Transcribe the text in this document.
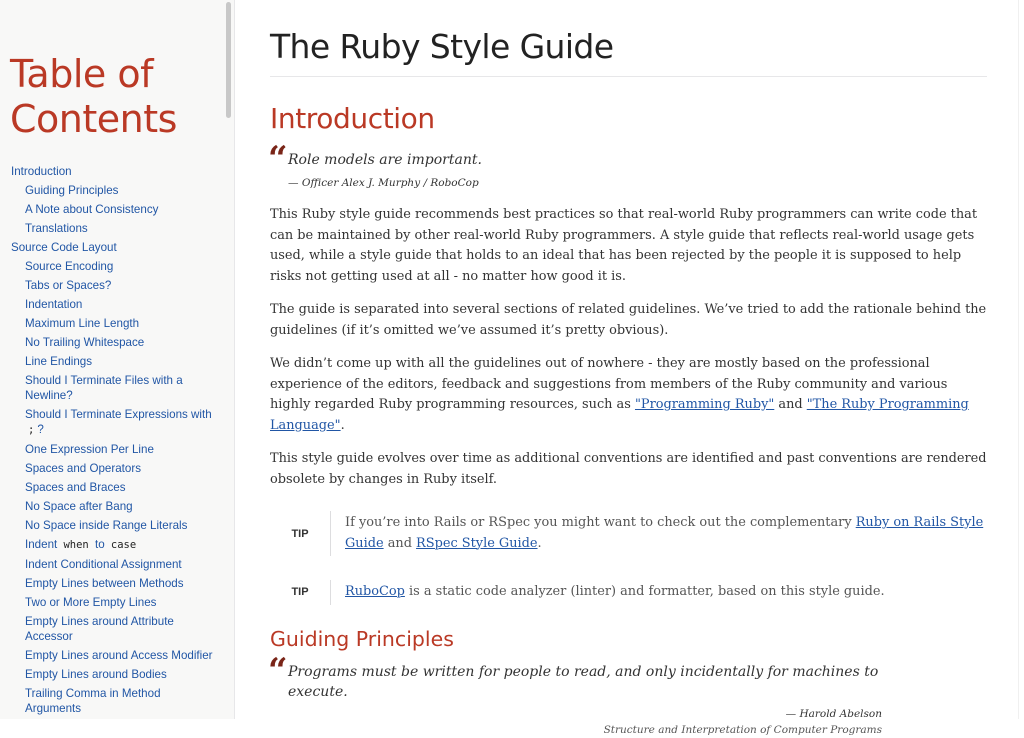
Table of Contents
Introduction
Guiding Principles
A Note about Consistency
Translations
Source Code Layout
Source Encoding
Tabs or Spaces?
Indentation
Maximum Line Length
No Trailing Whitespace
Line Endings
Should I Terminate Files with a Newline?
Should I Terminate Expressions with ; ?
One Expression Per Line
Spaces and Operators
Spaces and Braces
No Space after Bang
No Space inside Range Literals
Indent when to case
Indent Conditional Assignment
Empty Lines between Methods
Two or More Empty Lines
Empty Lines around Attribute Accessor
Empty Lines around Access Modifier
Empty Lines around Bodies
Trailing Comma in Method Arguments
The Ruby Style Guide
Introduction
“ Role models are important.
— Officer Alex J. Murphy / RoboCop

This Ruby style guide recommends best practices so that real-world Ruby programmers can write code that can be maintained by other real-world Ruby programmers. A style guide that reflects real-world usage gets used, while a style guide that holds to an ideal that has been rejected by the people it is supposed to help risks not getting used at all - no matter how good it is.

The guide is separated into several sections of related guidelines. We’ve tried to add the rationale behind the guidelines (if it’s omitted we’ve assumed it’s pretty obvious).

We didn’t come up with all the guidelines out of nowhere - they are mostly based on the professional experience of the editors, feedback and suggestions from members of the Ruby community and various highly regarded Ruby programming resources, such as "Programming Ruby" and "The Ruby Programming Language".

This style guide evolves over time as additional conventions are identified and past conventions are rendered obsolete by changes in Ruby itself.

TIP
If you’re into Rails or RSpec you might want to check out the complementary Ruby on Rails Style Guide and RSpec Style Guide.
TIP	RuboCop is a static code analyzer (linter) and formatter, based on this style guide.
Guiding Principles
“ Programs must be written for people to read, and only incidentally for machines to execute.
— Harold Abelson
Structure and Interpretation of Computer Programs
